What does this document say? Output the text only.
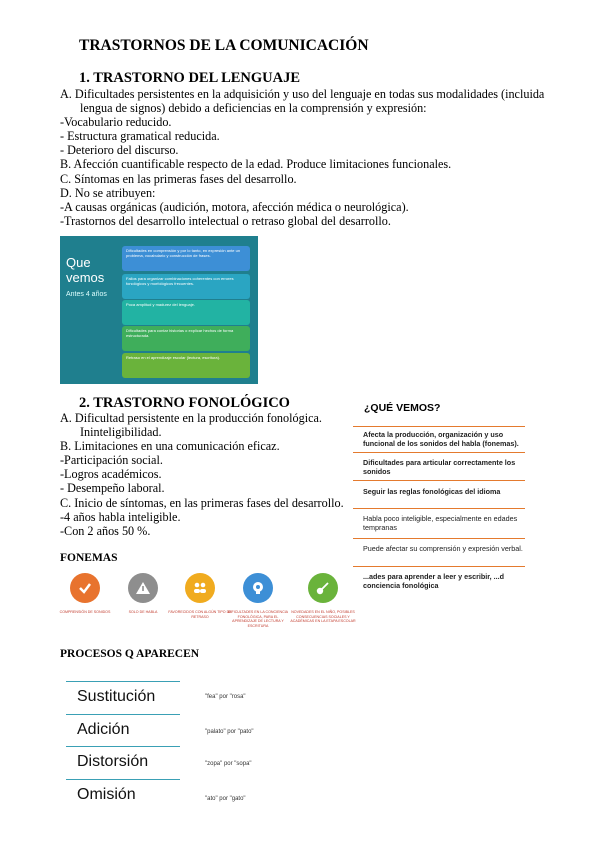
TRASTORNOS DE LA COMUNICACIÓN
1. TRASTORNO DEL LENGUAJE

A. Dificultades persistentes en la adquisición y uso del lenguaje en todas sus modalidades (incluida

lengua de signos) debido a deficiencias en la comprensión y expresión:

-Vocabulario reducido.

- Estructura gramatical reducida.

- Deterioro del discurso.

B. Afección cuantificable respecto de la edad. Produce limitaciones funcionales.

C. Síntomas en las primeras fases del desarrollo.

D. No se atribuyen:

-A causas orgánicas (audición, motora, afección médica o neurológica).

-Trastornos del desarrollo intelectual o retraso global del desarrollo.

Que
vemos
Antes 4 años
Dificultades en comprensión y por lo tanto, en expresión ante un problema, vocabulario y construcción de frases.
Fallos para organizar combinaciones coherentes con errores fonológicos y morfológicos frecuentes.
Poca amplitud y madurez del lenguaje.
Dificultades para contar historias o explicar hechos de forma estructurada.
Retraso en el aprendizaje escolar (lectura, escritura).
2. TRASTORNO FONOLÓGICO

A. Dificultad persistente en la producción fonológica.

Ininteligibilidad.

B. Limitaciones en una comunicación eficaz.

-Participación social.

-Logros académicos.

- Desempeño laboral.

C. Inicio de síntomas, en las primeras fases del desarrollo.

-4 años habla inteligible.

-Con 2 años 50 %.

¿QUÉ VEMOS?
Afecta la producción, organización y uso funcional de los sonidos del habla (fonemas).
Dificultades para articular correctamente los sonidos
Seguir las reglas fonológicas del idioma
Habla poco inteligible, especialmente en edades tempranas
Puede afectar su comprensión y expresión verbal.
...ades para aprender a leer y escribir, ...d conciencia fonológica
FONEMAS
COMPRENSIÓN DE SONIDOS	SOLO DE HABLA	FAVORECIDOS CON ALGÚN TIPO DE RETRASO
DIFICULTADES EN LA CONCIENCIA FONOLÓGICA, PARA EL APRENDIZAJE DE LECTURA Y ESCRITURA
NOVEDADES EN EL NIÑO, POSIBLES CONSECUENCIAS SOCIALES Y ACADÉMICAS EN LA ETAPA ESCOLAR
PROCESOS Q APARECEN
Sustitución	"fea" por "rosa"
Adición	"palato" por "pato"
Distorsión	"zopa" por "sopa"
Omisión	"ato" por "gato"
